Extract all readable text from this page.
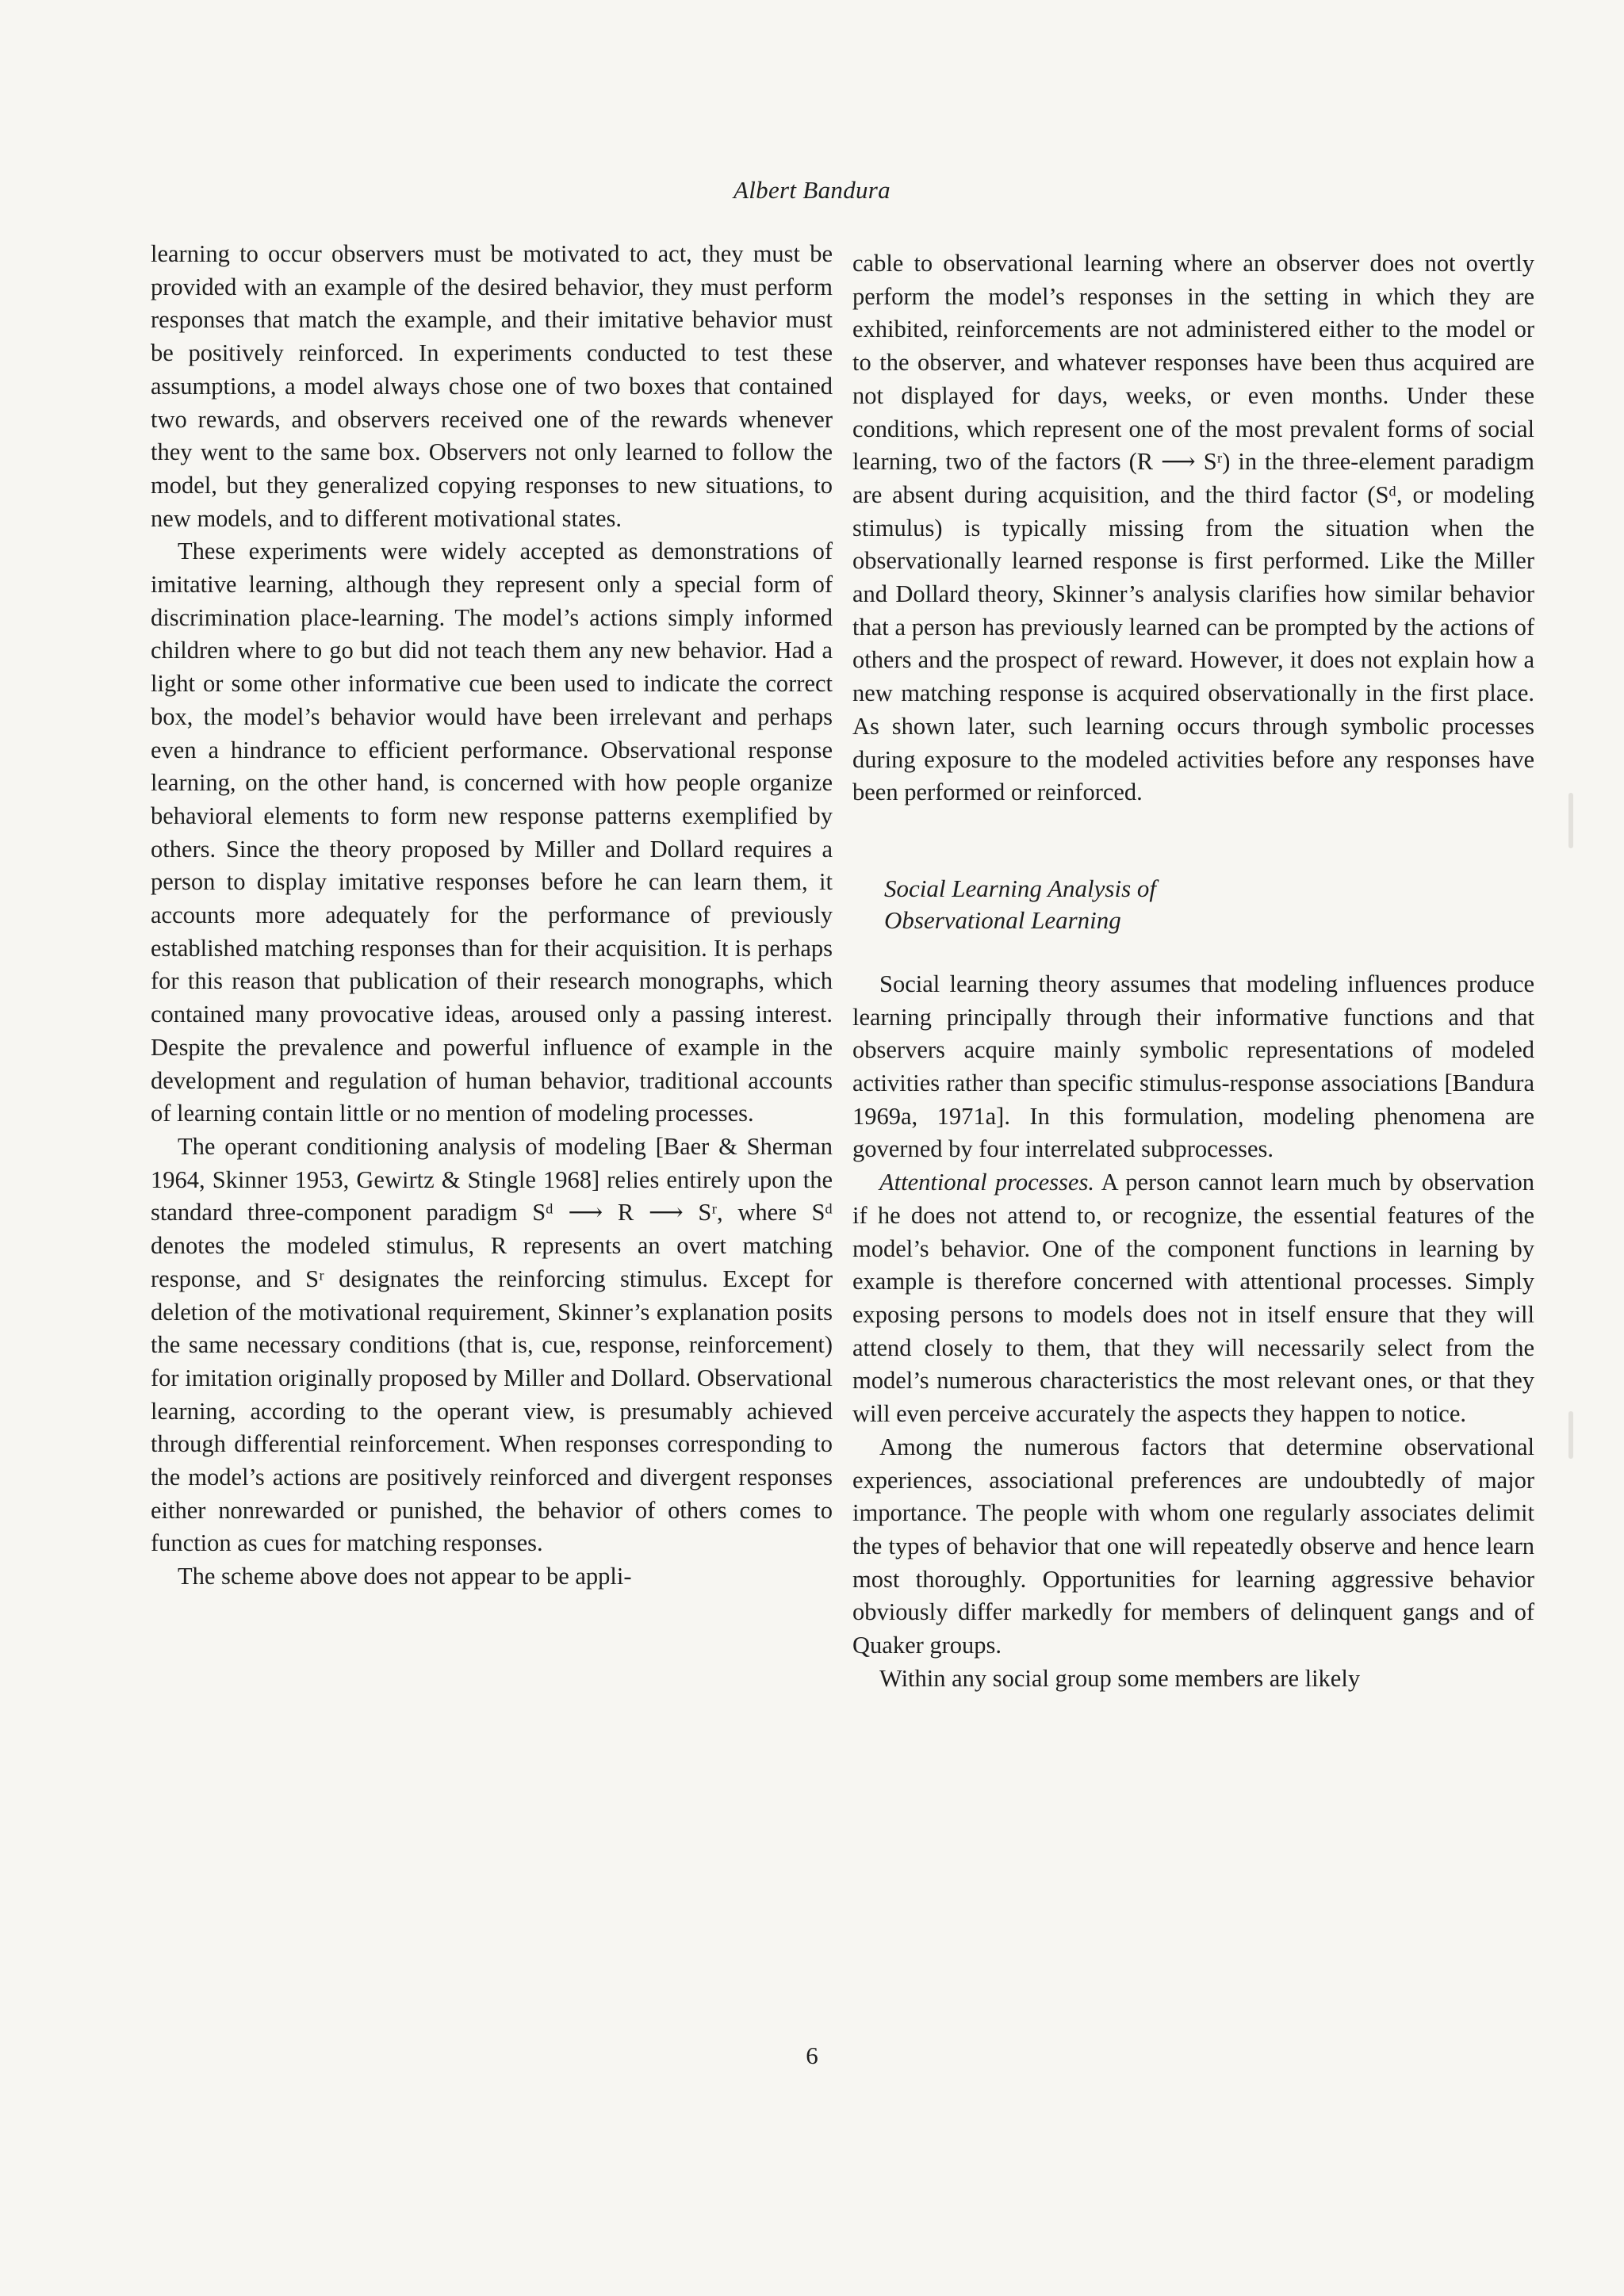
Albert Bandura

learning to occur observers must be motivated to act, they must be provided with an example of the desired behavior, they must perform responses that match the example, and their imitative behavior must be positively reinforced. In experiments conducted to test these assumptions, a model always chose one of two boxes that contained two rewards, and observers received one of the rewards whenever they went to the same box. Observers not only learned to follow the model, but they generalized copying responses to new situations, to new models, and to different motivational states.

These experiments were widely accepted as demonstrations of imitative learning, although they represent only a special form of discrimination place-learning. The model’s actions simply informed children where to go but did not teach them any new behavior. Had a light or some other informative cue been used to indicate the correct box, the model’s behavior would have been irrelevant and perhaps even a hindrance to efficient performance. Observational response learning, on the other hand, is concerned with how people organize behavioral elements to form new response patterns exemplified by others. Since the theory proposed by Miller and Dollard requires a person to display imitative responses before he can learn them, it accounts more adequately for the performance of previously established matching responses than for their acquisition. It is perhaps for this reason that publication of their research monographs, which contained many provocative ideas, aroused only a passing interest. Despite the prevalence and powerful influence of example in the development and regulation of human behavior, traditional accounts of learning contain little or no mention of modeling processes.

The operant conditioning analysis of modeling [Baer & Sherman 1964, Skinner 1953, Gewirtz & Stingle 1968] relies entirely upon the standard three-component paradigm Sᵈ ⟶ R ⟶ Sʳ, where Sᵈ denotes the modeled stimulus, R represents an overt matching response, and Sʳ designates the reinforcing stimulus. Except for deletion of the motivational requirement, Skinner’s explanation posits the same necessary conditions (that is, cue, response, reinforcement) for imitation originally proposed by Miller and Dollard. Observational learning, according to the operant view, is presumably achieved through differential reinforcement. When responses corresponding to the model’s actions are positively reinforced and divergent responses either nonrewarded or punished, the behavior of others comes to function as cues for matching responses.

The scheme above does not appear to be appli-

cable to observational learning where an observer does not overtly perform the model’s responses in the setting in which they are exhibited, reinforcements are not administered either to the model or to the observer, and whatever responses have been thus acquired are not displayed for days, weeks, or even months. Under these conditions, which represent one of the most prevalent forms of social learning, two of the factors (R ⟶ Sʳ) in the three-element paradigm are absent during acquisition, and the third factor (Sᵈ, or modeling stimulus) is typically missing from the situation when the observationally learned response is first performed. Like the Miller and Dollard theory, Skinner’s analysis clarifies how similar behavior that a person has previously learned can be prompted by the actions of others and the prospect of reward. However, it does not explain how a new matching response is acquired observationally in the first place. As shown later, such learning occurs through symbolic processes during exposure to the modeled activities before any responses have been performed or reinforced.

Social Learning Analysis of
Observational Learning

Social learning theory assumes that modeling influences produce learning principally through their informative functions and that observers acquire mainly symbolic representations of modeled activities rather than specific stimulus-response associations [Bandura 1969a, 1971a]. In this formulation, modeling phenomena are governed by four interrelated subprocesses.

Attentional processes. A person cannot learn much by observation if he does not attend to, or recognize, the essential features of the model’s behavior. One of the component functions in learning by example is therefore concerned with attentional processes. Simply exposing persons to models does not in itself ensure that they will attend closely to them, that they will necessarily select from the model’s numerous characteristics the most relevant ones, or that they will even perceive accurately the aspects they happen to notice.

Among the numerous factors that determine observational experiences, associational preferences are undoubtedly of major importance. The people with whom one regularly associates delimit the types of behavior that one will repeatedly observe and hence learn most thoroughly. Opportunities for learning aggressive behavior obviously differ markedly for members of delinquent gangs and of Quaker groups.

Within any social group some members are likely

6
